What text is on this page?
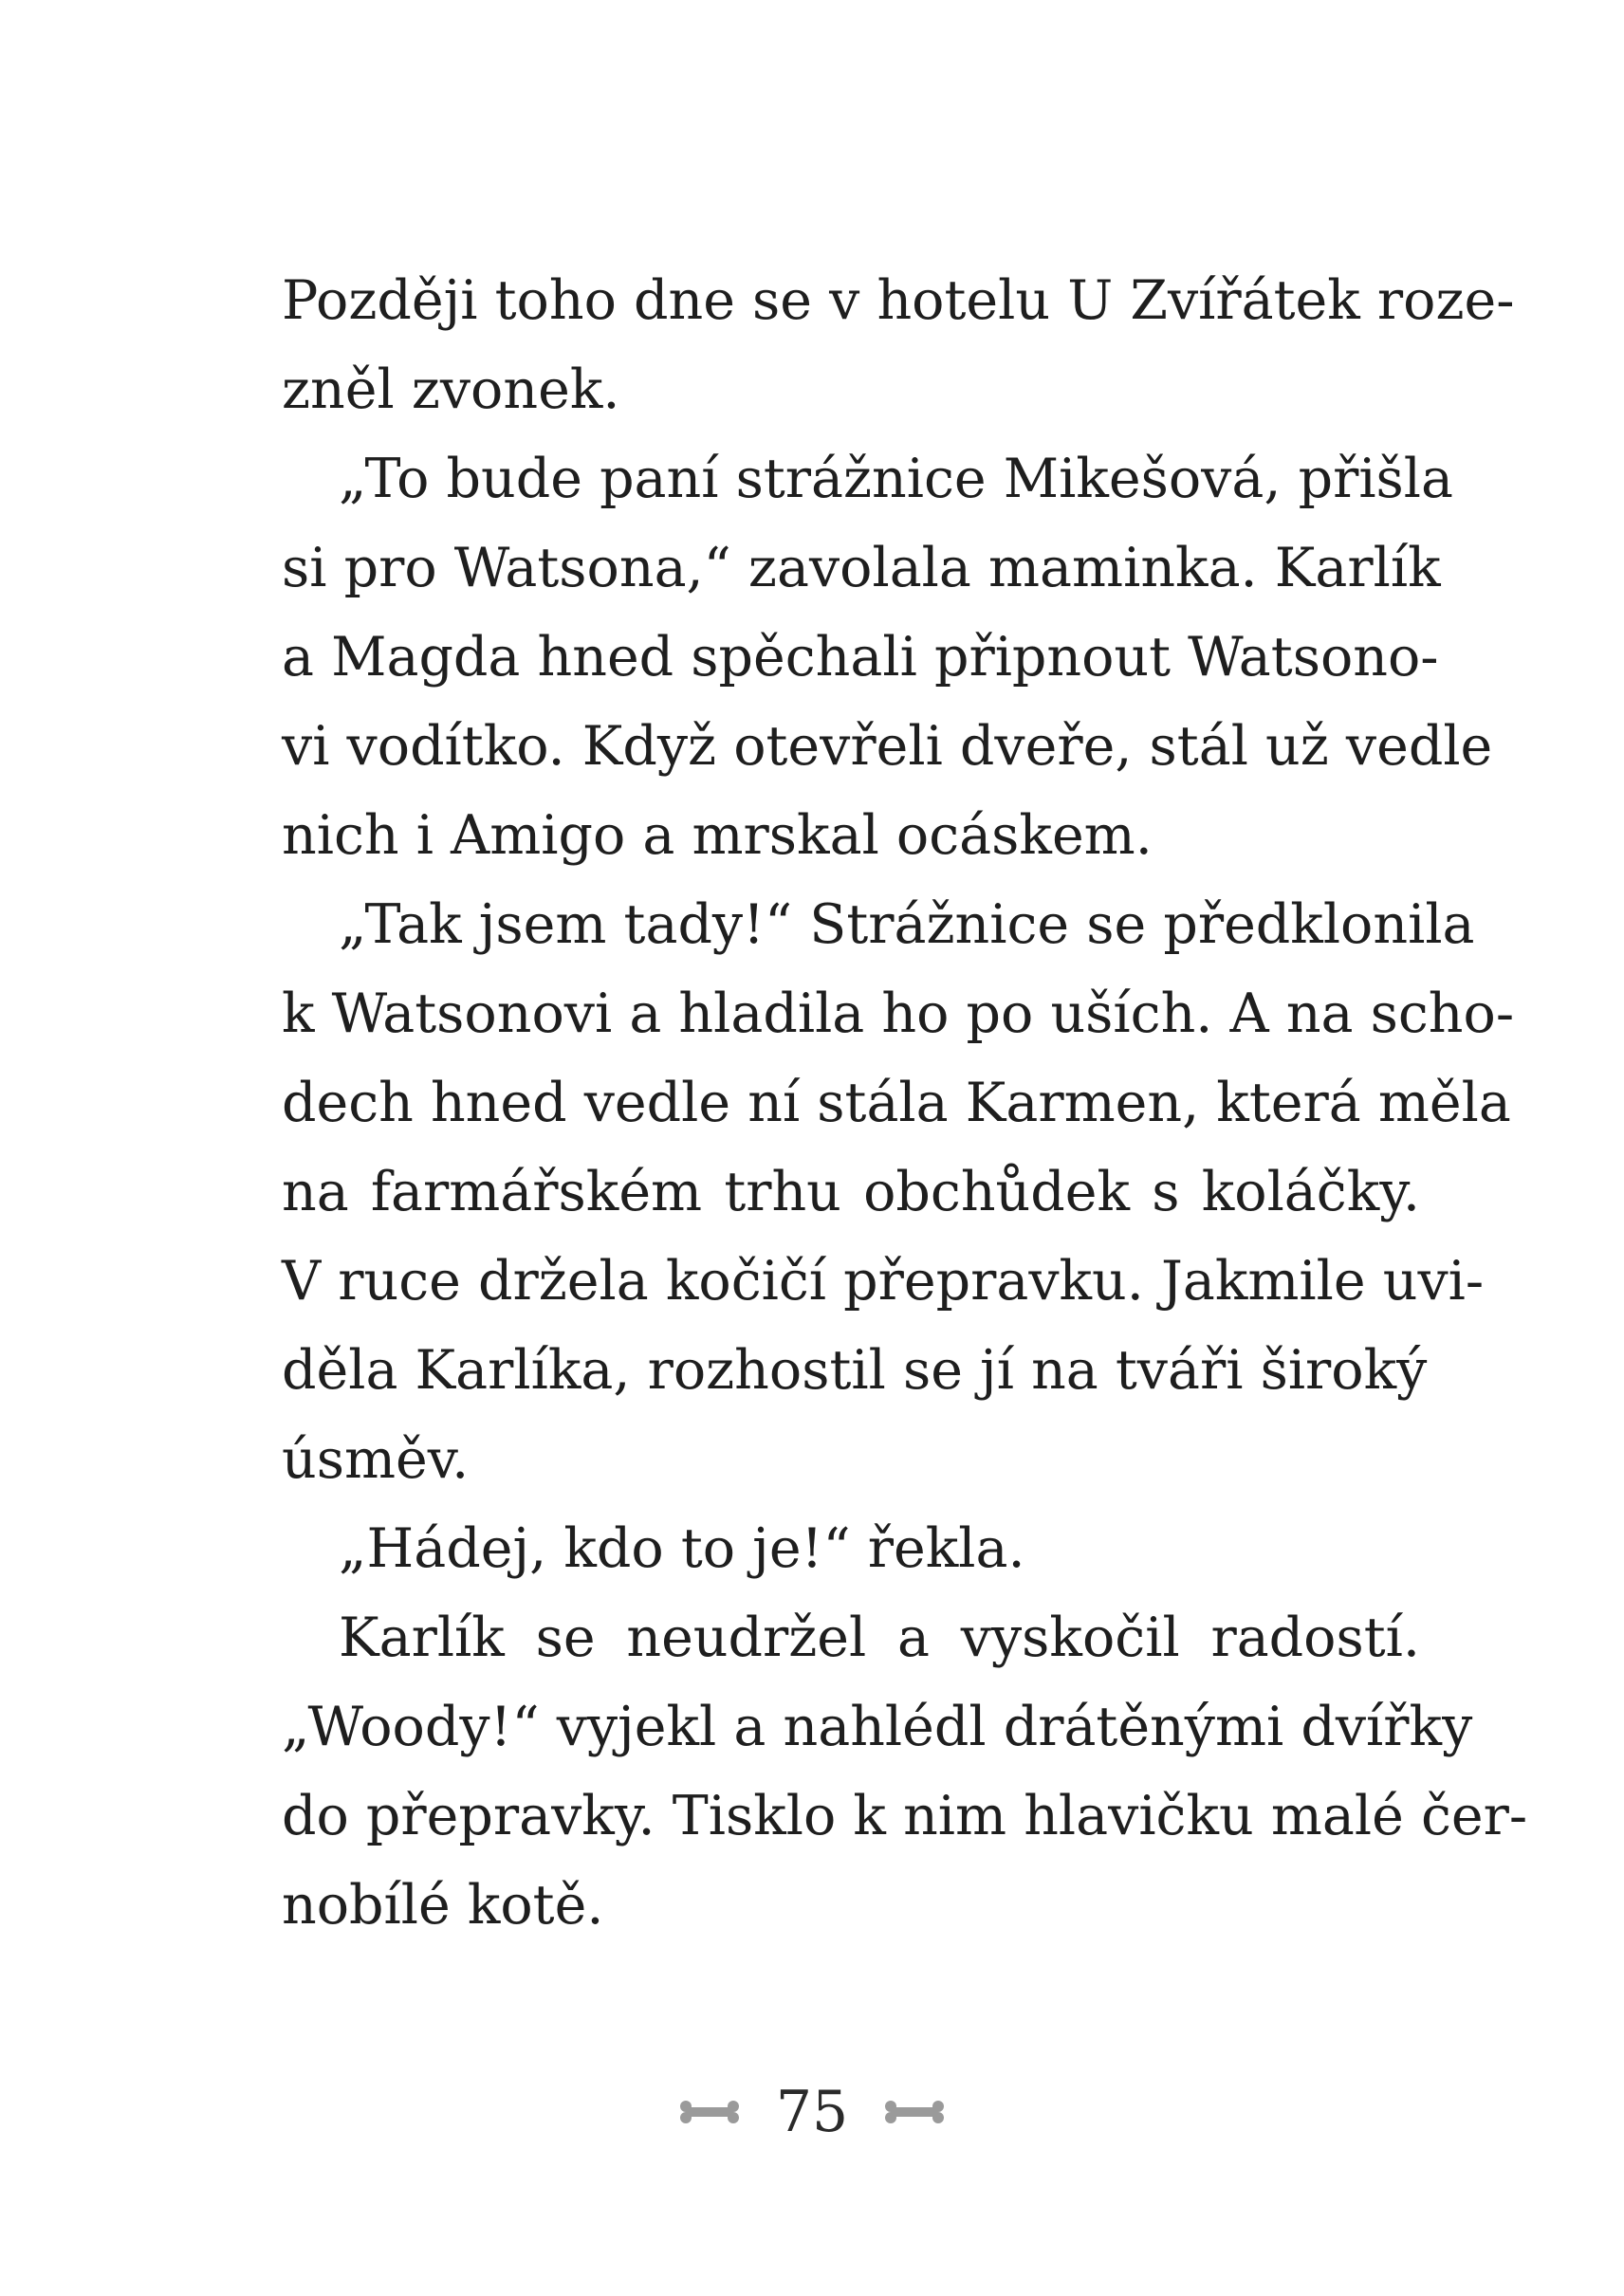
Později toho dne se v hotelu U Zvířátek roze-
zněl zvonek.
„To bude paní strážnice Mikešová, přišla
si pro Watsona,“ zavolala maminka. Karlík
a Magda hned spěchali připnout Watsono-
vi vodítko. Když otevřeli dveře, stál už vedle
nich i Amigo a mrskal ocáskem.
„Tak jsem tady!“ Strážnice se předklonila
k Watsonovi a hladila ho po uších. A na scho-
dech hned vedle ní stála Karmen, která měla
na farmářském trhu obchůdek s koláčky.
V ruce držela kočičí přepravku. Jakmile uvi-
děla Karlíka, rozhostil se jí na tváři široký
úsměv.
„Hádej, kdo to je!“ řekla.
Karlík se neudržel a vyskočil radostí.
„Woody!“ vyjekl a nahlédl drátěnými dvířky
do přepravky. Tisklo k nim hlavičku malé čer-
nobílé kotě.
75
